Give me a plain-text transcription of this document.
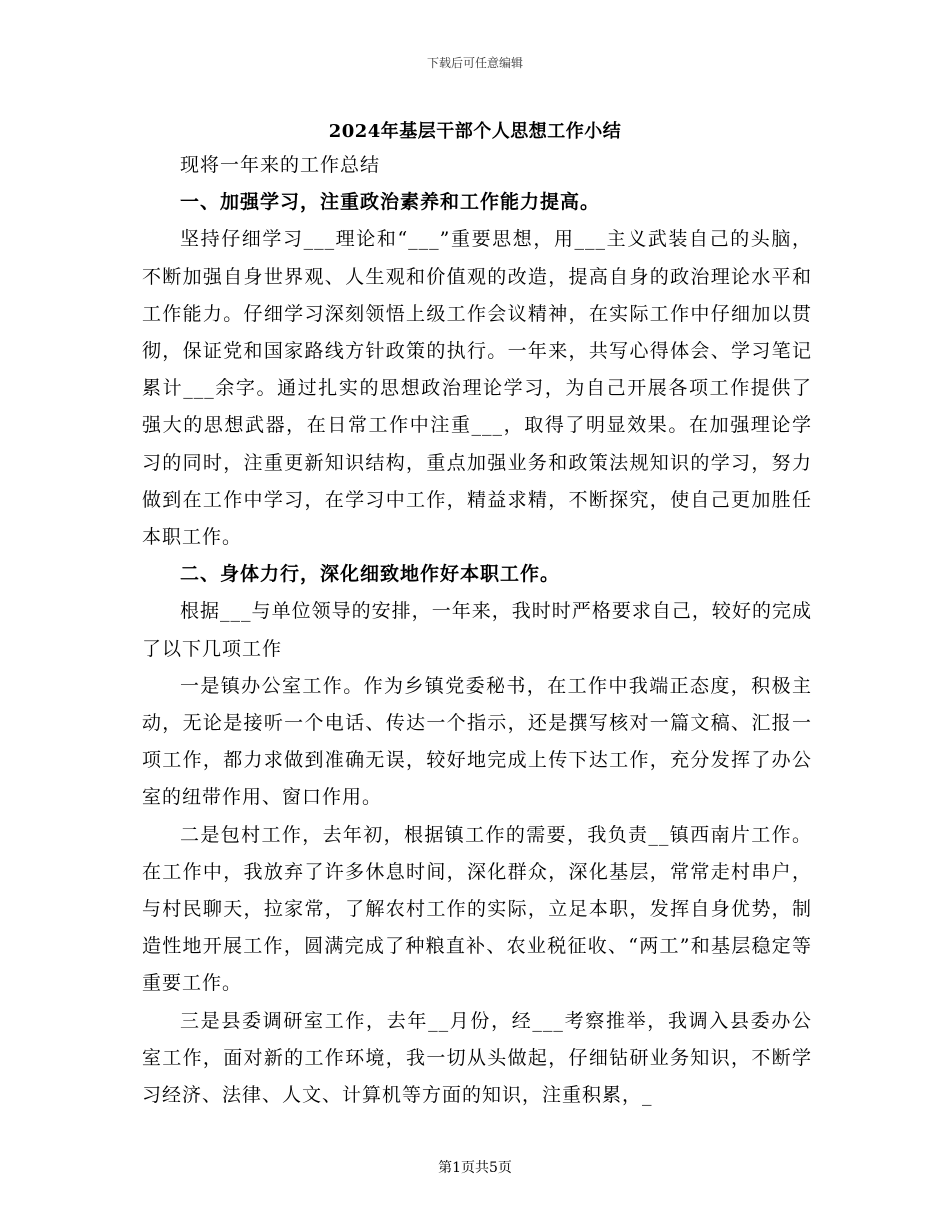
下载后可任意编辑
2024年基层干部个人思想工作小结

现将一年来的工作总结

一、加强学习，注重政治素养和工作能力提高。

坚持仔细学习___理论和“___”重要思想，用___主义武装自己的头脑，不断加强自身世界观、人生观和价值观的改造，提高自身的政治理论水平和工作能力。仔细学习深刻领悟上级工作会议精神，在实际工作中仔细加以贯彻，保证党和国家路线方针政策的执行。一年来，共写心得体会、学习笔记累计___余字。通过扎实的思想政治理论学习，为自己开展各项工作提供了强大的思想武器，在日常工作中注重___，取得了明显效果。在加强理论学习的同时，注重更新知识结构，重点加强业务和政策法规知识的学习，努力做到在工作中学习，在学习中工作，精益求精，不断探究，使自己更加胜任本职工作。

二、身体力行，深化细致地作好本职工作。

根据___与单位领导的安排，一年来，我时时严格要求自己，较好的完成了以下几项工作

一是镇办公室工作。作为乡镇党委秘书，在工作中我端正态度，积极主动，无论是接听一个电话、传达一个指示，还是撰写核对一篇文稿、汇报一项工作，都力求做到准确无误，较好地完成上传下达工作，充分发挥了办公室的纽带作用、窗口作用。

二是包村工作，去年初，根据镇工作的需要，我负责__镇西南片工作。在工作中，我放弃了许多休息时间，深化群众，深化基层，常常走村串户，与村民聊天，拉家常，了解农村工作的实际，立足本职，发挥自身优势，制造性地开展工作，圆满完成了种粮直补、农业税征收、“两工”和基层稳定等重要工作。

三是县委调研室工作，去年__月份，经___考察推举，我调入县委办公室工作，面对新的工作环境，我一切从头做起，仔细钻研业务知识，不断学习经济、法律、人文、计算机等方面的知识，注重积累，_

第1页共5页
